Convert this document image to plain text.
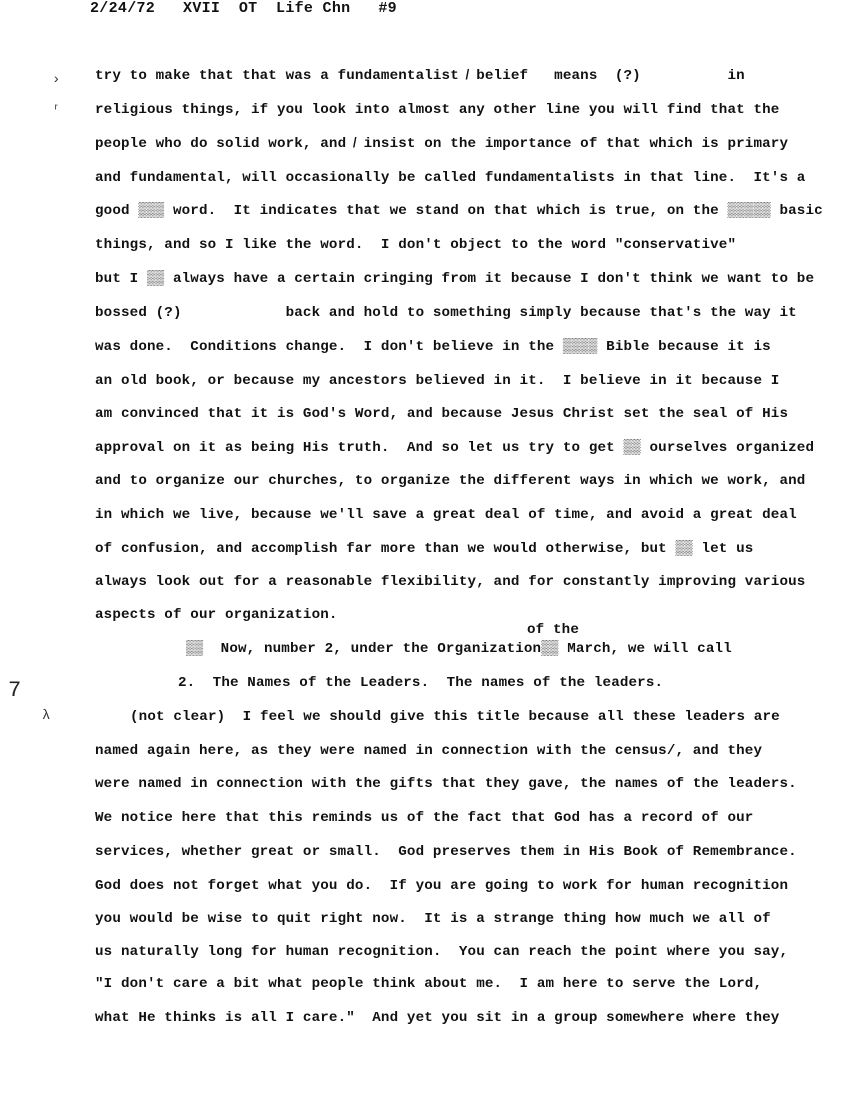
2/24/72   XVII  OT  Life Chn   #9
›
ʳ
7
λ
of the
try to make that that was a fundamentalist ̸ belief   means  (?)          in
religious things, if you look into almost any other line you will find that the
people who do solid work, and ̸ insist on the importance of that which is primary
and fundamental, will occasionally be called fundamentalists in that line.  It's a
good ▒▒▒ word.  It indicates that we stand on that which is true, on the ▒▒▒▒▒ basic
things, and so I like the word.  I don't object to the word "conservative"
but I ▒▒ always have a certain cringing from it because I don't think we want to be
bossed (?)            back and hold to something simply because that's the way it
was done.  Conditions change.  I don't believe in the ▒▒▒▒ Bible because it is
an old book, or because my ancestors believed in it.  I believe in it because I
am convinced that it is God's Word, and because Jesus Christ set the seal of His
approval on it as being His truth.  And so let us try to get ▒▒ ourselves organized
and to organize our churches, to organize the different ways in which we work, and
in which we live, because we'll save a great deal of time, and avoid a great deal
of confusion, and accomplish far more than we would otherwise, but ▒▒ let us
always look out for a reasonable flexibility, and for constantly improving various
aspects of our organization.
▒▒  Now, number 2, under the Organization▒▒ March, we will call
2.  The Names of the Leaders.  The names of the leaders.
(not clear)  I feel we should give this title because all these leaders are
named again here, as they were named in connection with the census/, and they
were named in connection with the gifts that they gave, the names of the leaders.
We notice here that this reminds us of the fact that God has a record of our
services, whether great or small.  God preserves them in His Book of Remembrance.
God does not forget what you do.  If you are going to work for human recognition
you would be wise to quit right now.  It is a strange thing how much we all of
us naturally long for human recognition.  You can reach the point where you say,
"I don't care a bit what people think about me.  I am here to serve the Lord,
what He thinks is all I care."  And yet you sit in a group somewhere where they
